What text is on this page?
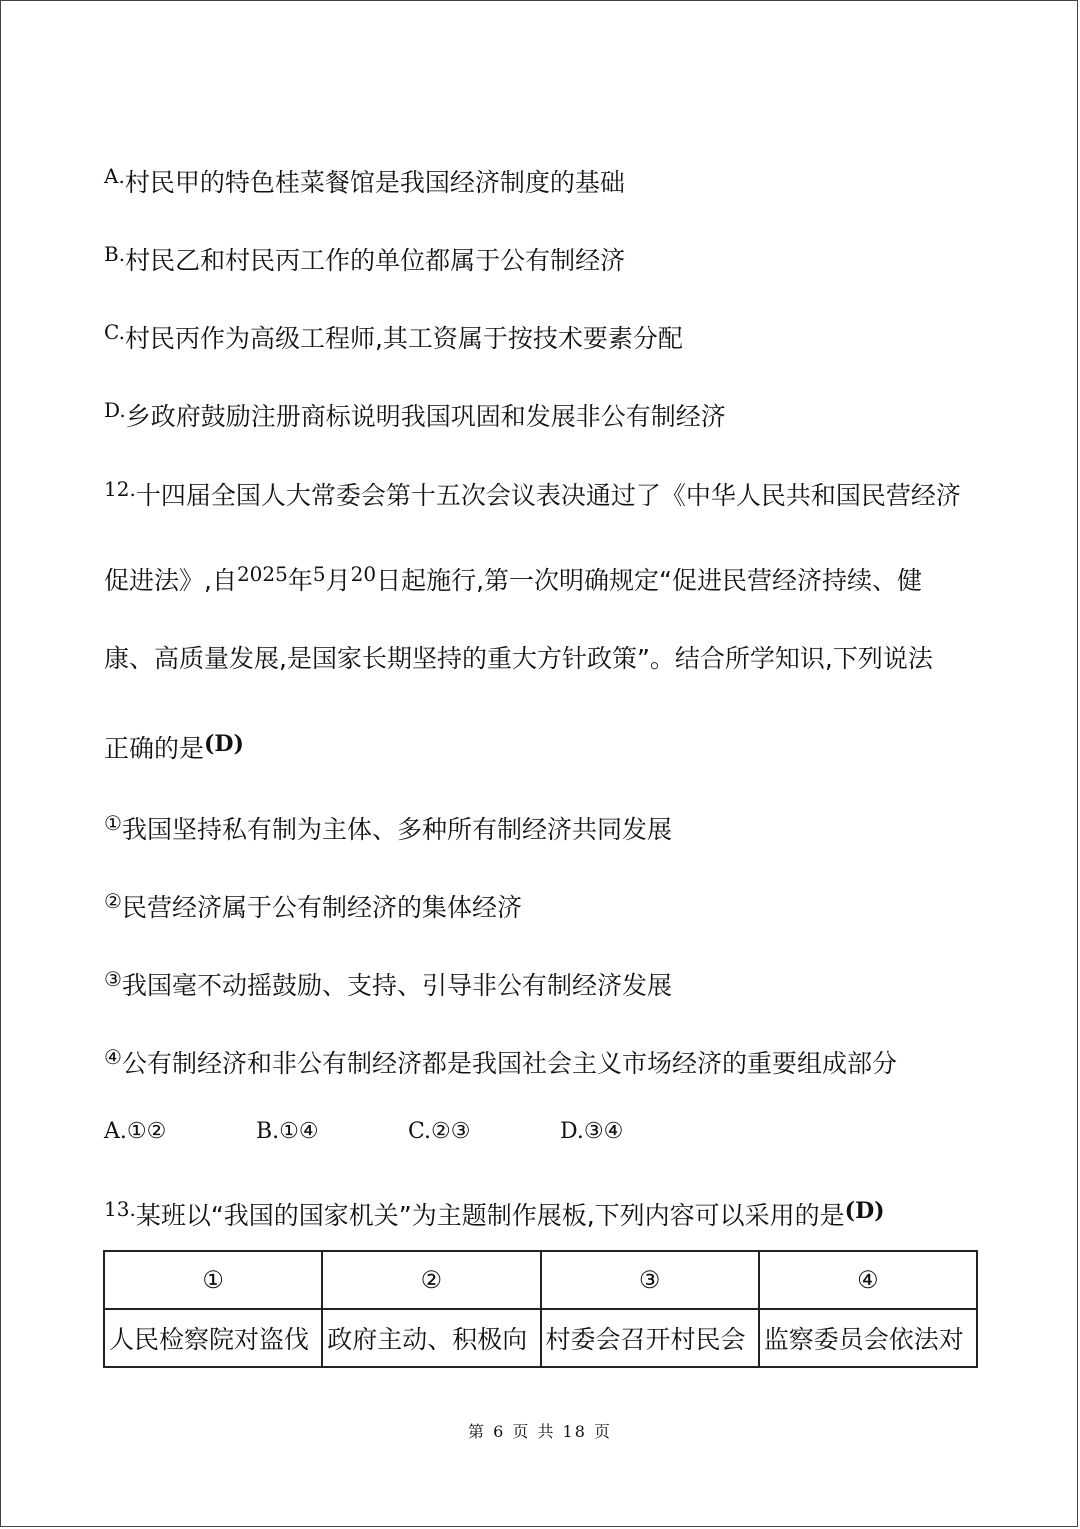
$^{A.}$村民甲的特色桂菜餐馆是我国经济制度的基础
$^{B.}$村民乙和村民丙工作的单位都属于公有制经济
$^{C.}$村民丙作为高级工程师,其工资属于按技术要素分配
$^{D.}$乡政府鼓励注册商标说明我国巩固和发展非公有制经济
$^{12.}$十四届全国人大常委会第十五次会议表决通过了《中华人民共和国民营经济
促进法》,自$^{2025}$年$^5$月$^{20}$日起施行,第一次明确规定“促进民营经济持续、健
康、高质量发展,是国家长期坚持的重大方针政策”。结合所学知识,下列说法
正确的是(D)
①我国坚持私有制为主体、多种所有制经济共同发展
②民营经济属于公有制经济的集体经济
③我国毫不动摇鼓励、支持、引导非公有制经济发展
④公有制经济和非公有制经济都是我国社会主义市场经济的重要组成部分
A.①②	B.①④	C.②③	D.③④
$^{13.}$某班以“我国的国家机关”为主题制作展板,下列内容可以采用的是(D)
①	②	③	④
人民检察院对盗伐	政府主动、积极向	村委会召开村民会	监察委员会依法对
第 6 页 共 18 页
